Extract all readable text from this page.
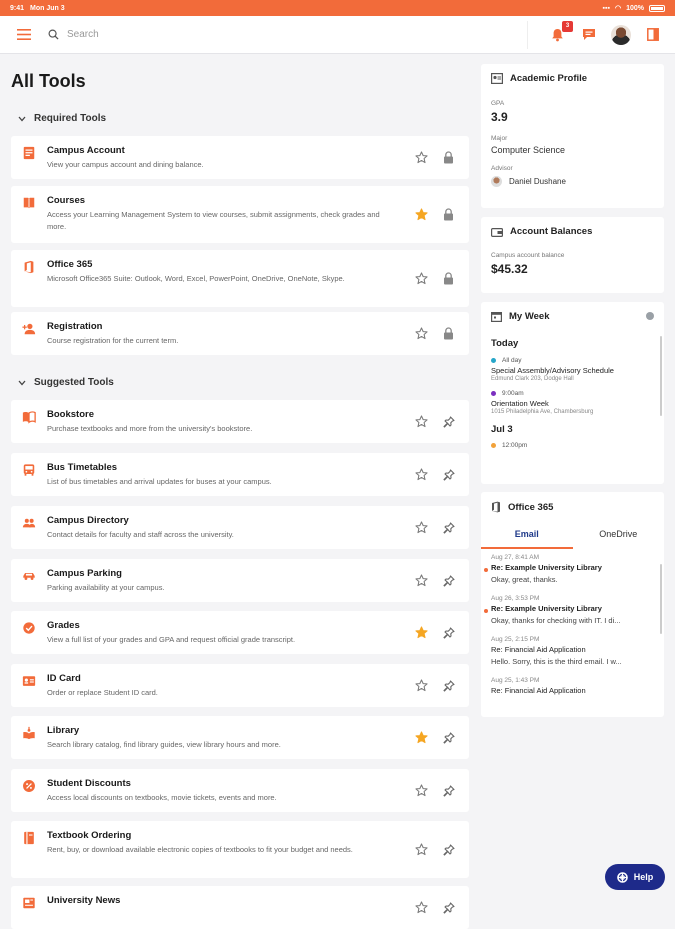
9:41 Mon Jun 3	▪▪▪ ◠ 100%
Search
3
All Tools
Required Tools
Campus Account
View your campus account and dining balance.
Courses
Access your Learning Management System to view courses, submit assignments, check grades and more.
Office 365
Microsoft Office365 Suite: Outlook, Word, Excel, PowerPoint, OneDrive, OneNote, Skype.
Registration
Course registration for the current term.
Suggested Tools
Bookstore
Purchase textbooks and more from the university's bookstore.
Bus Timetables
List of bus timetables and arrival updates for buses at your campus.
Campus Directory
Contact details for faculty and staff across the university.
Campus Parking
Parking availability at your campus.
Grades
View a full list of your grades and GPA and request official grade transcript.
ID Card
Order or replace Student ID card.
Library
Search library catalog, find library guides, view library hours and more.
Student Discounts
Access local discounts on textbooks, movie tickets, events and more.
Textbook Ordering
Rent, buy, or download available electronic copies of textbooks to fit your budget and needs.
University News
Academic Profile
GPA
3.9
Major
Computer Science
Advisor
Daniel Dushane
Account Balances
Campus account balance
$45.32
My Week
Today
All day
Special Assembly/Advisory Schedule
Edmund Clark 203, Dodge Hall
9:00am
Orientation Week
1015 Philadelphia Ave, Chambersburg
Jul 3
12:00pm
Office 365
Email	OneDrive
Aug 27, 8:41 AM
Re: Example University Library
Okay, great, thanks.
Aug 26, 3:53 PM
Re: Example University Library
Okay, thanks for checking with IT. I di...
Aug 25, 2:15 PM
Re: Financial Aid Application
Hello. Sorry, this is the third email. I w...
Aug 25, 1:43 PM
Re: Financial Aid Application
Help
